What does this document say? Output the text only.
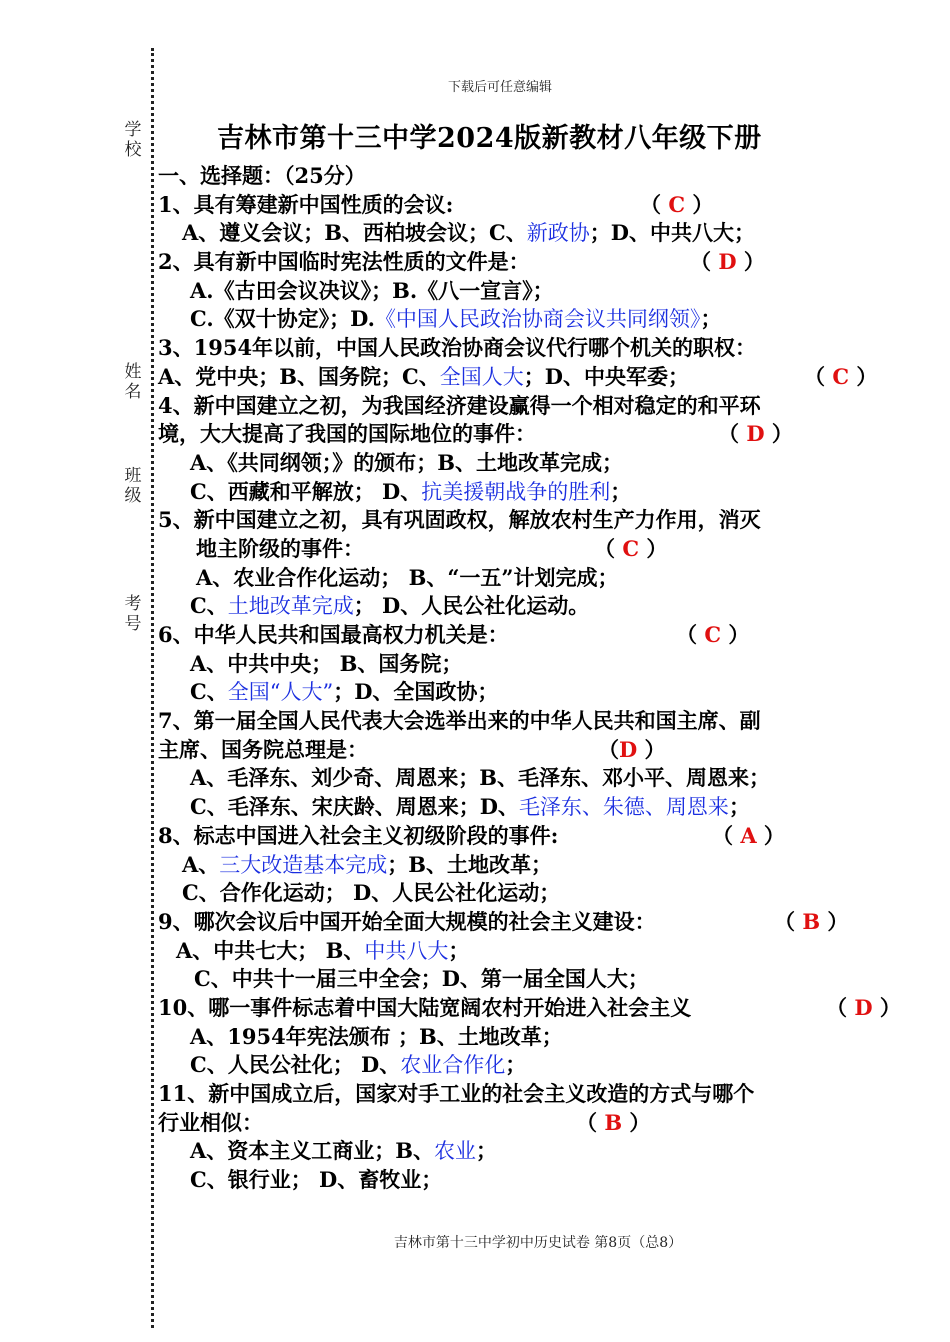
学校
姓名
班级
考号
下载后可任意编辑
吉林市第十三中学2024版新教材八年级下册
一、选择题：（25分）
1、具有筹建新中国性质的会议:	（ C ）
A、遵义会议；B、西柏坡会议；C、新政协；D、中共八大；
2、具有新中国临时宪法性质的文件是：	（ D ）
A.《古田会议决议》；B.《八一宣言》；
C.《双十协定》；D.《中国人民政治协商会议共同纲领》；
3、1954年以前，中国人民政治协商会议代行哪个机关的职权：
A、党中央；B、国务院；C、全国人大；D、中央军委；	（ C ）
4、新中国建立之初，为我国经济建设赢得一个相对稳定的和平环
境，大大提高了我国的国际地位的事件：	（ D ）
A、《共同纲领；》的颁布；B、土地改革完成；
C、西藏和平解放； D、抗美援朝战争的胜利；
5、新中国建立之初，具有巩固政权，解放农村生产力作用，消灭
地主阶级的事件：	（ C ）
A、农业合作化运动； B、“一五”计划完成；
C、土地改革完成； D、人民公社化运动。
6、中华人民共和国最高权力机关是：	（ C ）
A、中共中央； B、国务院；
C、全国“人大”；D、全国政协；
7、第一届全国人民代表大会选举出来的中华人民共和国主席、副
主席、国务院总理是：	（D ）
A、毛泽东、刘少奇、周恩来；B、毛泽东、邓小平、周恩来；
C、毛泽东、宋庆龄、周恩来；D、毛泽东、朱德、周恩来；
8、标志中国进入社会主义初级阶段的事件:	（ A ）
A、三大改造基本完成；B、土地改革；
C、合作化运动； D、人民公社化运动；
9、哪次会议后中国开始全面大规模的社会主义建设：	（ B ）
A、中共七大； B、中共八大；
C、中共十一届三中全会；D、第一届全国人大；
10、哪一事件标志着中国大陆宽阔农村开始进入社会主义	（ D ）
A、1954年宪法颁布 ；B、土地改革；
C、人民公社化； D、农业合作化；
11、新中国成立后，国家对手工业的社会主义改造的方式与哪个
行业相似：	（ B ）
A、资本主义工商业；B、农业；
C、银行业； D、畜牧业；
吉林市第十三中学初中历史试卷 第8页（总8）
